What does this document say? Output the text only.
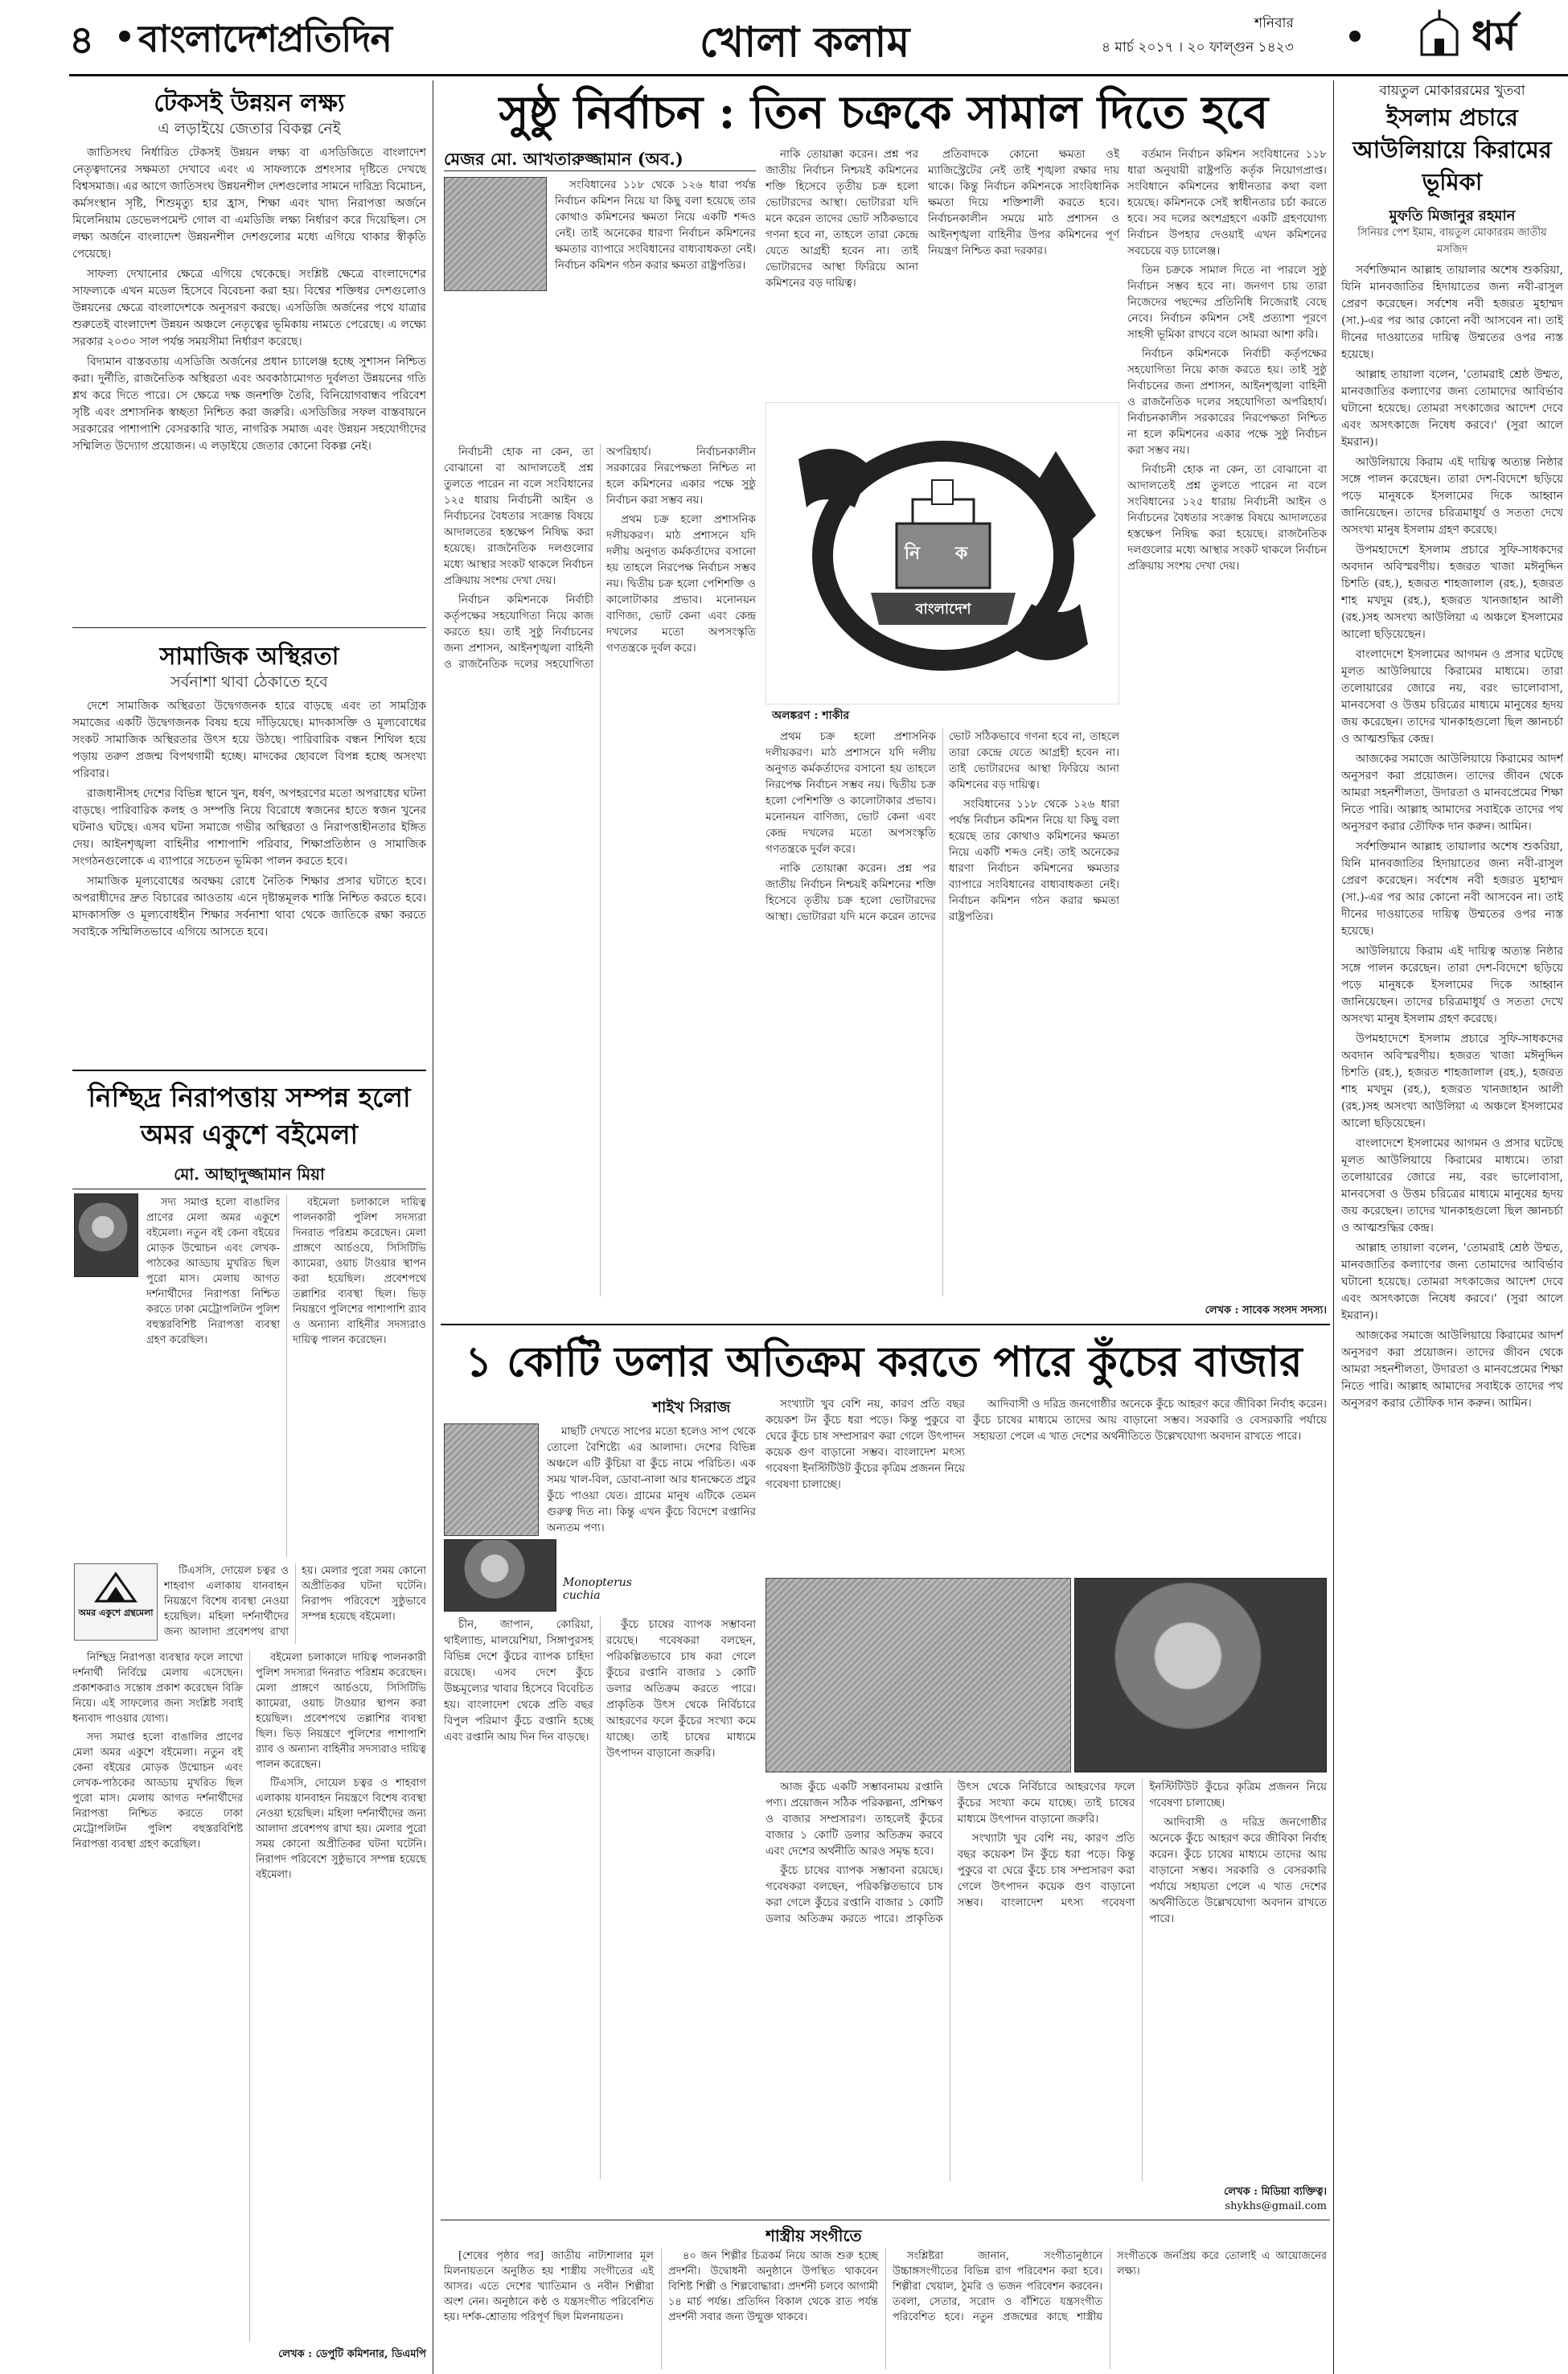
৪ বাংলাদেশপ্রতিদিন	খোলা কলাম	শনিবার
৪ মার্চ ২০১৭ । ২০ ফাল্গুন ১৪২৩	ধর্ম
টেকসই উন্নয়ন লক্ষ্য
এ লড়াইয়ে জেতার বিকল্প নেই

জাতিসংঘ নির্ধারিত টেকসই উন্নয়ন লক্ষ্য বা এসডিজিতে বাংলাদেশ নেতৃত্বদানের সক্ষমতা দেখাবে এবং এ সাফল্যকে প্রশংসার দৃষ্টিতে দেখছে বিশ্বসমাজ। এর আগে জাতিসংঘ উন্নয়নশীল দেশগুলোর সামনে দারিদ্র্য বিমোচন, কর্মসংস্থান সৃষ্টি, শিশুমৃত্যু হার হ্রাস, শিক্ষা এবং খাদ্য নিরাপত্তা অর্জনে মিলেনিয়াম ডেভেলপমেন্ট গোল বা এমডিজি লক্ষ্য নির্ধারণ করে দিয়েছিল। সে লক্ষ্য অর্জনে বাংলাদেশ উন্নয়নশীল দেশগুলোর মধ্যে এগিয়ে থাকার স্বীকৃতি পেয়েছে।

সাফল্য দেখানোর ক্ষেত্রে এগিয়ে থেকেছে। সংশ্লিষ্ট ক্ষেত্রে বাংলাদেশের সাফল্যকে এখন মডেল হিসেবে বিবেচনা করা হয়। বিশ্বের শক্তিধর দেশগুলোও উন্নয়নের ক্ষেত্রে বাংলাদেশকে অনুসরণ করছে। এসডিজি অর্জনের পথে যাত্রার শুরুতেই বাংলাদেশ উন্নয়ন অঞ্চলে নেতৃত্বের ভূমিকায় নামতে পেরেছে। এ লক্ষ্যে সরকার ২০৩০ সাল পর্যন্ত সময়সীমা নির্ধারণ করেছে।

বিদ্যমান বাস্তবতায় এসডিজি অর্জনের প্রধান চ্যালেঞ্জ হচ্ছে সুশাসন নিশ্চিত করা। দুর্নীতি, রাজনৈতিক অস্থিরতা এবং অবকাঠামোগত দুর্বলতা উন্নয়নের গতি শ্লথ করে দিতে পারে। সে ক্ষেত্রে দক্ষ জনশক্তি তৈরি, বিনিয়োগবান্ধব পরিবেশ সৃষ্টি এবং প্রশাসনিক স্বচ্ছতা নিশ্চিত করা জরুরি। এসডিজির সফল বাস্তবায়নে সরকারের পাশাপাশি বেসরকারি খাত, নাগরিক সমাজ এবং উন্নয়ন সহযোগীদের সম্মিলিত উদ্যোগ প্রয়োজন। এ লড়াইয়ে জেতার কোনো বিকল্প নেই।

সামাজিক অস্থিরতা
সর্বনাশা থাবা ঠেকাতে হবে

দেশে সামাজিক অস্থিরতা উদ্বেগজনক হারে বাড়ছে এবং তা সামগ্রিক সমাজের একটি উদ্বেগজনক বিষয় হয়ে দাঁড়িয়েছে। মাদকাসক্তি ও মূল্যবোধের সংকট সামাজিক অস্থিরতার উৎস হয়ে উঠছে। পারিবারিক বন্ধন শিথিল হয়ে পড়ায় তরুণ প্রজন্ম বিপথগামী হচ্ছে। মাদকের ছোবলে বিপন্ন হচ্ছে অসংখ্য পরিবার।

রাজধানীসহ দেশের বিভিন্ন স্থানে খুন, ধর্ষণ, অপহরণের মতো অপরাধের ঘটনা বাড়ছে। পারিবারিক কলহ ও সম্পত্তি নিয়ে বিরোধে স্বজনের হাতে স্বজন খুনের ঘটনাও ঘটছে। এসব ঘটনা সমাজে গভীর অস্থিরতা ও নিরাপত্তাহীনতার ইঙ্গিত দেয়। আইনশৃঙ্খলা বাহিনীর পাশাপাশি পরিবার, শিক্ষাপ্রতিষ্ঠান ও সামাজিক সংগঠনগুলোকে এ ব্যাপারে সচেতন ভূমিকা পালন করতে হবে।

সামাজিক মূল্যবোধের অবক্ষয় রোধে নৈতিক শিক্ষার প্রসার ঘটাতে হবে। অপরাধীদের দ্রুত বিচারের আওতায় এনে দৃষ্টান্তমূলক শাস্তি নিশ্চিত করতে হবে। মাদকাসক্তি ও মূল্যবোধহীন শিক্ষার সর্বনাশা থাবা থেকে জাতিকে রক্ষা করতে সবাইকে সম্মিলিতভাবে এগিয়ে আসতে হবে।

নিশ্ছিদ্র নিরাপত্তায় সম্পন্ন হলো অমর একুশে বইমেলা
মো. আছাদুজ্জামান মিয়া
অমর একুশে গ্রন্থমেলা

সদ্য সমাপ্ত হলো বাঙালির প্রাণের মেলা অমর একুশে বইমেলা। নতুন বই কেনা বইয়ের মোড়ক উন্মোচন এবং লেখক-পাঠকের আড্ডায় মুখরিত ছিল পুরো মাস। মেলায় আগত দর্শনার্থীদের নিরাপত্তা নিশ্চিত করতে ঢাকা মেট্রোপলিটন পুলিশ বহুস্তরবিশিষ্ট নিরাপত্তা ব্যবস্থা গ্রহণ করেছিল।

বইমেলা চলাকালে দায়িত্ব পালনকারী পুলিশ সদস্যরা দিনরাত পরিশ্রম করেছেন। মেলা প্রাঙ্গণে আর্চওয়ে, সিসিটিভি ক্যামেরা, ওয়াচ টাওয়ার স্থাপন করা হয়েছিল। প্রবেশপথে তল্লাশির ব্যবস্থা ছিল। ভিড় নিয়ন্ত্রণে পুলিশের পাশাপাশি র‍্যাব ও অন্যান্য বাহিনীর সদস্যরাও দায়িত্ব পালন করেছেন।

টিএসসি, দোয়েল চত্বর ও শাহবাগ এলাকায় যানবাহন নিয়ন্ত্রণে বিশেষ ব্যবস্থা নেওয়া হয়েছিল। মহিলা দর্শনার্থীদের জন্য আলাদা প্রবেশপথ রাখা হয়। মেলার পুরো সময় কোনো অপ্রীতিকর ঘটনা ঘটেনি। নিরাপদ পরিবেশে সুষ্ঠুভাবে সম্পন্ন হয়েছে বইমেলা।

নিশ্ছিদ্র নিরাপত্তা ব্যবস্থার ফলে লাখো দর্শনার্থী নির্বিঘ্নে মেলায় এসেছেন। প্রকাশকরাও সন্তোষ প্রকাশ করেছেন বিক্রি নিয়ে। এই সাফল্যের জন্য সংশ্লিষ্ট সবাই ধন্যবাদ পাওয়ার যোগ্য।

সদ্য সমাপ্ত হলো বাঙালির প্রাণের মেলা অমর একুশে বইমেলা। নতুন বই কেনা বইয়ের মোড়ক উন্মোচন এবং লেখক-পাঠকের আড্ডায় মুখরিত ছিল পুরো মাস। মেলায় আগত দর্শনার্থীদের নিরাপত্তা নিশ্চিত করতে ঢাকা মেট্রোপলিটন পুলিশ বহুস্তরবিশিষ্ট নিরাপত্তা ব্যবস্থা গ্রহণ করেছিল।

বইমেলা চলাকালে দায়িত্ব পালনকারী পুলিশ সদস্যরা দিনরাত পরিশ্রম করেছেন। মেলা প্রাঙ্গণে আর্চওয়ে, সিসিটিভি ক্যামেরা, ওয়াচ টাওয়ার স্থাপন করা হয়েছিল। প্রবেশপথে তল্লাশির ব্যবস্থা ছিল। ভিড় নিয়ন্ত্রণে পুলিশের পাশাপাশি র‍্যাব ও অন্যান্য বাহিনীর সদস্যরাও দায়িত্ব পালন করেছেন।

টিএসসি, দোয়েল চত্বর ও শাহবাগ এলাকায় যানবাহন নিয়ন্ত্রণে বিশেষ ব্যবস্থা নেওয়া হয়েছিল। মহিলা দর্শনার্থীদের জন্য আলাদা প্রবেশপথ রাখা হয়। মেলার পুরো সময় কোনো অপ্রীতিকর ঘটনা ঘটেনি। নিরাপদ পরিবেশে সুষ্ঠুভাবে সম্পন্ন হয়েছে বইমেলা।

লেখক : ডেপুটি কমিশনার, ডিএমপি
সুষ্ঠু নির্বাচন : তিন চক্রকে সামাল দিতে হবে
মেজর মো. আখতারুজ্জামান (অব.)

সংবিধানের ১১৮ থেকে ১২৬ ধারা পর্যন্ত নির্বাচন কমিশন নিয়ে যা কিছু বলা হয়েছে তার কোথাও কমিশনের ক্ষমতা নিয়ে একটি শব্দও নেই। তাই অনেকের ধারণা নির্বাচন কমিশনের ক্ষমতার ব্যাপারে সংবিধানের বাধ্যবাধকতা নেই। নির্বাচন কমিশন গঠন করার ক্ষমতা রাষ্ট্রপতির।

নির্বাচনী হোক না কেন, তা বোঝানো বা আদালতেই প্রশ্ন তুলতে পারেন না বলে সংবিধানের ১২৫ ধারায় নির্বাচনী আইন ও নির্বাচনের বৈধতার সংক্রান্ত বিষয়ে আদালতের হস্তক্ষেপ নিষিদ্ধ করা হয়েছে। রাজনৈতিক দলগুলোর মধ্যে আস্থার সংকট থাকলে নির্বাচন প্রক্রিয়ায় সংশয় দেখা দেয়।

নির্বাচন কমিশনকে নির্বাচী কর্তৃপক্ষের সহযোগিতা নিয়ে কাজ করতে হয়। তাই সুষ্ঠু নির্বাচনের জন্য প্রশাসন, আইনশৃঙ্খলা বাহিনী ও রাজনৈতিক দলের সহযোগিতা অপরিহার্য। নির্বাচনকালীন সরকারের নিরপেক্ষতা নিশ্চিত না হলে কমিশনের একার পক্ষে সুষ্ঠু নির্বাচন করা সম্ভব নয়।

প্রথম চক্র হলো প্রশাসনিক দলীয়করণ। মাঠ প্রশাসনে যদি দলীয় অনুগত কর্মকর্তাদের বসানো হয় তাহলে নিরপেক্ষ নির্বাচন সম্ভব নয়। দ্বিতীয় চক্র হলো পেশিশক্তি ও কালোটাকার প্রভাব। মনোনয়ন বাণিজ্য, ভোট কেনা এবং কেন্দ্র দখলের মতো অপসংস্কৃতি গণতন্ত্রকে দুর্বল করে।

নি ক
বাংলাদেশ
অলঙ্করণ : শাকীর

নাকি তোয়াক্কা করেন। প্রশ্ন পর জাতীয় নির্বাচন নিশ্চয়ই কমিশনের শক্তি হিসেবে তৃতীয় চক্র হলো ভোটারদের আস্থা। ভোটাররা যদি মনে করেন তাদের ভোট সঠিকভাবে গণনা হবে না, তাহলে তারা কেন্দ্রে যেতে আগ্রহী হবেন না। তাই ভোটারদের আস্থা ফিরিয়ে আনা কমিশনের বড় দায়িত্ব।

প্রতিবাদকে কোনো ক্ষমতা ওই ম্যাজিস্ট্রেটের নেই তাই শৃঙ্খলা রক্ষার দায় থাকে। কিন্তু নির্বাচন কমিশনকে সাংবিধানিক ক্ষমতা দিয়ে শক্তিশালী করতে হবে। নির্বাচনকালীন সময়ে মাঠ প্রশাসন ও আইনশৃঙ্খলা বাহিনীর উপর কমিশনের পূর্ণ নিয়ন্ত্রণ নিশ্চিত করা দরকার।

বর্তমান নির্বাচন কমিশন সংবিধানের ১১৮ ধারা অনুযায়ী রাষ্ট্রপতি কর্তৃক নিয়োগপ্রাপ্ত। সংবিধানে কমিশনের স্বাধীনতার কথা বলা হয়েছে। কমিশনকে সেই স্বাধীনতার চর্চা করতে হবে। সব দলের অংশগ্রহণে একটি গ্রহণযোগ্য নির্বাচন উপহার দেওয়াই এখন কমিশনের সবচেয়ে বড় চ্যালেঞ্জ।

তিন চক্রকে সামাল দিতে না পারলে সুষ্ঠু নির্বাচন সম্ভব হবে না। জনগণ চায় তারা নিজেদের পছন্দের প্রতিনিধি নিজেরাই বেছে নেবে। নির্বাচন কমিশন সেই প্রত্যাশা পূরণে সাহসী ভূমিকা রাখবে বলে আমরা আশা করি।

নির্বাচন কমিশনকে নির্বাচী কর্তৃপক্ষের সহযোগিতা নিয়ে কাজ করতে হয়। তাই সুষ্ঠু নির্বাচনের জন্য প্রশাসন, আইনশৃঙ্খলা বাহিনী ও রাজনৈতিক দলের সহযোগিতা অপরিহার্য। নির্বাচনকালীন সরকারের নিরপেক্ষতা নিশ্চিত না হলে কমিশনের একার পক্ষে সুষ্ঠু নির্বাচন করা সম্ভব নয়।

নির্বাচনী হোক না কেন, তা বোঝানো বা আদালতেই প্রশ্ন তুলতে পারেন না বলে সংবিধানের ১২৫ ধারায় নির্বাচনী আইন ও নির্বাচনের বৈধতার সংক্রান্ত বিষয়ে আদালতের হস্তক্ষেপ নিষিদ্ধ করা হয়েছে। রাজনৈতিক দলগুলোর মধ্যে আস্থার সংকট থাকলে নির্বাচন প্রক্রিয়ায় সংশয় দেখা দেয়।

প্রথম চক্র হলো প্রশাসনিক দলীয়করণ। মাঠ প্রশাসনে যদি দলীয় অনুগত কর্মকর্তাদের বসানো হয় তাহলে নিরপেক্ষ নির্বাচন সম্ভব নয়। দ্বিতীয় চক্র হলো পেশিশক্তি ও কালোটাকার প্রভাব। মনোনয়ন বাণিজ্য, ভোট কেনা এবং কেন্দ্র দখলের মতো অপসংস্কৃতি গণতন্ত্রকে দুর্বল করে।

নাকি তোয়াক্কা করেন। প্রশ্ন পর জাতীয় নির্বাচন নিশ্চয়ই কমিশনের শক্তি হিসেবে তৃতীয় চক্র হলো ভোটারদের আস্থা। ভোটাররা যদি মনে করেন তাদের ভোট সঠিকভাবে গণনা হবে না, তাহলে তারা কেন্দ্রে যেতে আগ্রহী হবেন না। তাই ভোটারদের আস্থা ফিরিয়ে আনা কমিশনের বড় দায়িত্ব।

সংবিধানের ১১৮ থেকে ১২৬ ধারা পর্যন্ত নির্বাচন কমিশন নিয়ে যা কিছু বলা হয়েছে তার কোথাও কমিশনের ক্ষমতা নিয়ে একটি শব্দও নেই। তাই অনেকের ধারণা নির্বাচন কমিশনের ক্ষমতার ব্যাপারে সংবিধানের বাধ্যবাধকতা নেই। নির্বাচন কমিশন গঠন করার ক্ষমতা রাষ্ট্রপতির।

লেখক : সাবেক সংসদ সদস্য।
১ কোটি ডলার অতিক্রম করতে পারে কুঁচের বাজার
শাইখ সিরাজ
Monopterus cuchia

মাছটি দেখতে সাপের মতো হলেও সাপ থেকে তোলো বৈশিষ্ট্যে এর আলাদা। দেশের বিভিন্ন অঞ্চলে এটি কুঁচিয়া বা কুঁচে নামে পরিচিত। এক সময় খাল-বিল, ডোবা-নালা আর ধানক্ষেতে প্রচুর কুঁচে পাওয়া যেত। গ্রামের মানুষ এটিকে তেমন গুরুত্ব দিত না। কিন্তু এখন কুঁচে বিদেশে রপ্তানির অন্যতম পণ্য।

চীন, জাপান, কোরিয়া, থাইল্যান্ড, মালয়েশিয়া, সিঙ্গাপুরসহ বিভিন্ন দেশে কুঁচের ব্যাপক চাহিদা রয়েছে। এসব দেশে কুঁচে উচ্চমূল্যের খাবার হিসেবে বিবেচিত হয়। বাংলাদেশ থেকে প্রতি বছর বিপুল পরিমাণ কুঁচে রপ্তানি হচ্ছে এবং রপ্তানি আয় দিন দিন বাড়ছে।

কুঁচে চাষের ব্যাপক সম্ভাবনা রয়েছে। গবেষকরা বলছেন, পরিকল্পিতভাবে চাষ করা গেলে কুঁচের রপ্তানি বাজার ১ কোটি ডলার অতিক্রম করতে পারে। প্রাকৃতিক উৎস থেকে নির্বিচারে আহরণের ফলে কুঁচের সংখ্যা কমে যাচ্ছে। তাই চাষের মাধ্যমে উৎপাদন বাড়ানো জরুরি।

সংখ্যাটা খুব বেশি নয়, কারণ প্রতি বছর কয়েকশ টন কুঁচে ধরা পড়ে। কিন্তু পুকুরে বা ঘেরে কুঁচে চাষ সম্প্রসারণ করা গেলে উৎপাদন কয়েক গুণ বাড়ানো সম্ভব। বাংলাদেশ মৎস্য গবেষণা ইনস্টিটিউট কুঁচের কৃত্রিম প্রজনন নিয়ে গবেষণা চালাচ্ছে।

আদিবাসী ও দরিদ্র জনগোষ্ঠীর অনেকে কুঁচে আহরণ করে জীবিকা নির্বাহ করেন। কুঁচে চাষের মাধ্যমে তাদের আয় বাড়ানো সম্ভব। সরকারি ও বেসরকারি পর্যায়ে সহায়তা পেলে এ খাত দেশের অর্থনীতিতে উল্লেখযোগ্য অবদান রাখতে পারে।

আজ কুঁচে একটি সম্ভাবনাময় রপ্তানি পণ্য। প্রয়োজন সঠিক পরিকল্পনা, প্রশিক্ষণ ও বাজার সম্প্রসারণ। তাহলেই কুঁচের বাজার ১ কোটি ডলার অতিক্রম করবে এবং দেশের অর্থনীতি আরও সমৃদ্ধ হবে।

কুঁচে চাষের ব্যাপক সম্ভাবনা রয়েছে। গবেষকরা বলছেন, পরিকল্পিতভাবে চাষ করা গেলে কুঁচের রপ্তানি বাজার ১ কোটি ডলার অতিক্রম করতে পারে। প্রাকৃতিক উৎস থেকে নির্বিচারে আহরণের ফলে কুঁচের সংখ্যা কমে যাচ্ছে। তাই চাষের মাধ্যমে উৎপাদন বাড়ানো জরুরি।

সংখ্যাটা খুব বেশি নয়, কারণ প্রতি বছর কয়েকশ টন কুঁচে ধরা পড়ে। কিন্তু পুকুরে বা ঘেরে কুঁচে চাষ সম্প্রসারণ করা গেলে উৎপাদন কয়েক গুণ বাড়ানো সম্ভব। বাংলাদেশ মৎস্য গবেষণা ইনস্টিটিউট কুঁচের কৃত্রিম প্রজনন নিয়ে গবেষণা চালাচ্ছে।

আদিবাসী ও দরিদ্র জনগোষ্ঠীর অনেকে কুঁচে আহরণ করে জীবিকা নির্বাহ করেন। কুঁচে চাষের মাধ্যমে তাদের আয় বাড়ানো সম্ভব। সরকারি ও বেসরকারি পর্যায়ে সহায়তা পেলে এ খাত দেশের অর্থনীতিতে উল্লেখযোগ্য অবদান রাখতে পারে।

লেখক : মিডিয়া ব্যক্তিত্ব।
shykhs@gmail.com
শাস্ত্রীয় সংগীতে

[শেষের পৃষ্ঠার পর] জাতীয় নাট্যশালার মূল মিলনায়তনে অনুষ্ঠিত হয় শাস্ত্রীয় সংগীতের এই আসর। এতে দেশের খ্যাতিমান ও নবীন শিল্পীরা অংশ নেন। অনুষ্ঠানে কণ্ঠ ও যন্ত্রসংগীত পরিবেশিত হয়। দর্শক-শ্রোতায় পরিপূর্ণ ছিল মিলনায়তন।

৪০ জন শিল্পীর চিত্রকর্ম নিয়ে আজ শুরু হচ্ছে প্রদর্শনী। উদ্বোধনী অনুষ্ঠানে উপস্থিত থাকবেন বিশিষ্ট শিল্পী ও শিল্পবোদ্ধারা। প্রদর্শনী চলবে আগামী ১৪ মার্চ পর্যন্ত। প্রতিদিন বিকাল থেকে রাত পর্যন্ত প্রদর্শনী সবার জন্য উন্মুক্ত থাকবে।

সংশ্লিষ্টরা জানান, সংগীতানুষ্ঠানে উচ্চাঙ্গসংগীতের বিভিন্ন রাগ পরিবেশন করা হবে। শিল্পীরা খেয়াল, ঠুমরি ও ভজন পরিবেশন করবেন। তবলা, সেতার, সরোদ ও বাঁশিতে যন্ত্রসংগীত পরিবেশিত হবে। নতুন প্রজন্মের কাছে শাস্ত্রীয় সংগীতকে জনপ্রিয় করে তোলাই এ আয়োজনের লক্ষ্য।

বায়তুল মোকাররমের খুতবা
ইসলাম প্রচারে আউলিয়ায়ে কিরামের ভূমিকা
মুফতি মিজানুর রহমান
সিনিয়র পেশ ইমাম, বায়তুল মোকাররম জাতীয় মসজিদ

সর্বশক্তিমান আল্লাহ তায়ালার অশেষ শুকরিয়া, যিনি মানবজাতির হিদায়াতের জন্য নবী-রাসুল প্রেরণ করেছেন। সর্বশেষ নবী হজরত মুহাম্মদ (সা.)-এর পর আর কোনো নবী আসবেন না। তাই দীনের দাওয়াতের দায়িত্ব উম্মতের ওপর ন্যস্ত হয়েছে।

আল্লাহ তায়ালা বলেন, 'তোমরাই শ্রেষ্ঠ উম্মত, মানবজাতির কল্যাণের জন্য তোমাদের আবির্ভাব ঘটানো হয়েছে। তোমরা সৎকাজের আদেশ দেবে এবং অসৎকাজে নিষেধ করবে।' (সুরা আলে ইমরান)।

আউলিয়ায়ে কিরাম এই দায়িত্ব অত্যন্ত নিষ্ঠার সঙ্গে পালন করেছেন। তারা দেশ-বিদেশে ছড়িয়ে পড়ে মানুষকে ইসলামের দিকে আহ্বান জানিয়েছেন। তাদের চরিত্রমাধুর্য ও সততা দেখে অসংখ্য মানুষ ইসলাম গ্রহণ করেছে।

উপমহাদেশে ইসলাম প্রচারে সুফি-সাধকদের অবদান অবিস্মরণীয়। হজরত খাজা মঈনুদ্দিন চিশতি (রহ.), হজরত শাহজালাল (রহ.), হজরত শাহ মখদুম (রহ.), হজরত খানজাহান আলী (রহ.)সহ অসংখ্য আউলিয়া এ অঞ্চলে ইসলামের আলো ছড়িয়েছেন।

বাংলাদেশে ইসলামের আগমন ও প্রসার ঘটেছে মূলত আউলিয়ায়ে কিরামের মাধ্যমে। তারা তলোয়ারের জোরে নয়, বরং ভালোবাসা, মানবসেবা ও উত্তম চরিত্রের মাধ্যমে মানুষের হৃদয় জয় করেছেন। তাদের খানকাহগুলো ছিল জ্ঞানচর্চা ও আত্মশুদ্ধির কেন্দ্র।

আজকের সমাজে আউলিয়ায়ে কিরামের আদর্শ অনুসরণ করা প্রয়োজন। তাদের জীবন থেকে আমরা সহনশীলতা, উদারতা ও মানবপ্রেমের শিক্ষা নিতে পারি। আল্লাহ আমাদের সবাইকে তাদের পথ অনুসরণ করার তৌফিক দান করুন। আমিন।

সর্বশক্তিমান আল্লাহ তায়ালার অশেষ শুকরিয়া, যিনি মানবজাতির হিদায়াতের জন্য নবী-রাসুল প্রেরণ করেছেন। সর্বশেষ নবী হজরত মুহাম্মদ (সা.)-এর পর আর কোনো নবী আসবেন না। তাই দীনের দাওয়াতের দায়িত্ব উম্মতের ওপর ন্যস্ত হয়েছে।

আউলিয়ায়ে কিরাম এই দায়িত্ব অত্যন্ত নিষ্ঠার সঙ্গে পালন করেছেন। তারা দেশ-বিদেশে ছড়িয়ে পড়ে মানুষকে ইসলামের দিকে আহ্বান জানিয়েছেন। তাদের চরিত্রমাধুর্য ও সততা দেখে অসংখ্য মানুষ ইসলাম গ্রহণ করেছে।

উপমহাদেশে ইসলাম প্রচারে সুফি-সাধকদের অবদান অবিস্মরণীয়। হজরত খাজা মঈনুদ্দিন চিশতি (রহ.), হজরত শাহজালাল (রহ.), হজরত শাহ মখদুম (রহ.), হজরত খানজাহান আলী (রহ.)সহ অসংখ্য আউলিয়া এ অঞ্চলে ইসলামের আলো ছড়িয়েছেন।

বাংলাদেশে ইসলামের আগমন ও প্রসার ঘটেছে মূলত আউলিয়ায়ে কিরামের মাধ্যমে। তারা তলোয়ারের জোরে নয়, বরং ভালোবাসা, মানবসেবা ও উত্তম চরিত্রের মাধ্যমে মানুষের হৃদয় জয় করেছেন। তাদের খানকাহগুলো ছিল জ্ঞানচর্চা ও আত্মশুদ্ধির কেন্দ্র।

আল্লাহ তায়ালা বলেন, 'তোমরাই শ্রেষ্ঠ উম্মত, মানবজাতির কল্যাণের জন্য তোমাদের আবির্ভাব ঘটানো হয়েছে। তোমরা সৎকাজের আদেশ দেবে এবং অসৎকাজে নিষেধ করবে।' (সুরা আলে ইমরান)।

আজকের সমাজে আউলিয়ায়ে কিরামের আদর্শ অনুসরণ করা প্রয়োজন। তাদের জীবন থেকে আমরা সহনশীলতা, উদারতা ও মানবপ্রেমের শিক্ষা নিতে পারি। আল্লাহ আমাদের সবাইকে তাদের পথ অনুসরণ করার তৌফিক দান করুন। আমিন।
